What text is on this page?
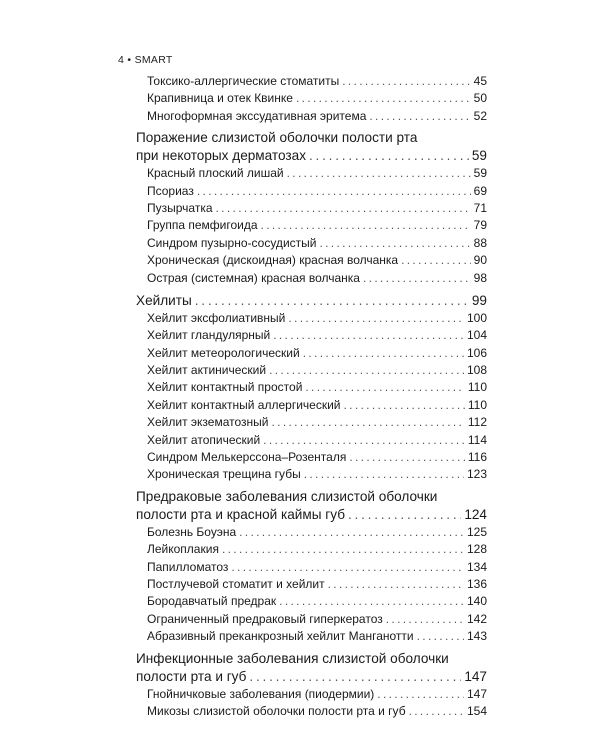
4 • SMART
Токсико-аллергические стоматиты . . .	45
Крапивница и отек Квинке . . .	50
Многоформная экссудативная эритема . . .	52
Поражение слизистой оболочки полости рта
при некоторых дерматозах . . .	59
Красный плоский лишай . . .	59
Псориаз . . .	69
Пузырчатка . . .	71
Группа пемфигоида . . .	79
Синдром пузырно-сосудистый . . .	88
Хроническая (дискоидная) красная волчанка . . .	90
Острая (системная) красная волчанка . . .	98
Хейлиты . . .	99
Хейлит эксфолиативный . . .	100
Хейлит гландулярный . . .	104
Хейлит метеорологический . . .	106
Хейлит актинический . . .	108
Хейлит контактный простой . . .	110
Хейлит контактный аллергический . . .	110
Хейлит экзематозный . . .	112
Хейлит атопический . . .	114
Синдром Мелькерссона–Розенталя . . .	116
Хроническая трещина губы . . .	123
Предраковые заболевания слизистой оболочки
полости рта и красной каймы губ . . .	124
Болезнь Боуэна . . .	125
Лейкоплакия . . .	128
Папилломатоз . . .	134
Постлучевой стоматит и хейлит . . .	136
Бородавчатый предрак . . .	140
Ограниченный предраковый гиперкератоз . . .	142
Абразивный преканкрозный хейлит Манганотти . . .	143
Инфекционные заболевания слизистой оболочки
полости рта и губ . . .	147
Гнойничковые заболевания (пиодермии) . . .	147
Микозы слизистой оболочки полости рта и губ . . .	154
